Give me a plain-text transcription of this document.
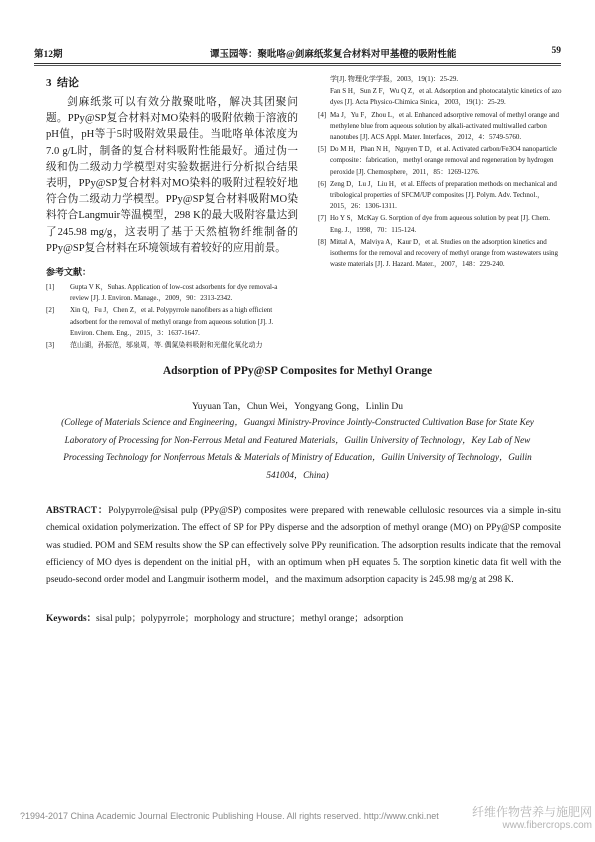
第12期	谭玉园等：聚吡咯@剑麻纸浆复合材料对甲基橙的吸附性能	59
3 结论

剑麻纸浆可以有效分散聚吡咯，解决其团聚问题。PPy@SP复合材料对MO染料的吸附依赖于溶液的pH值，pH等于5时吸附效果最佳。当吡咯单体浓度为7.0 g/L时，制备的复合材料吸附性能最好。通过伪一级和伪二级动力学模型对实验数据进行分析拟合结果表明，PPy@SP复合材料对MO染料的吸附过程较好地符合伪二级动力学模型。PPy@SP复合材料吸附MO染料符合Langmuir等温模型，298 K的最大吸附容量达到了245.98 mg/g，这表明了基于天然植物纤维制备的PPy@SP复合材料在环境领域有着较好的应用前景。

参考文献：

[1] Gupta V K，Suhas. Application of low-cost adsorbents for dye removal-a review [J]. J. Environ. Manage.，2009，90：2313-2342.

[2] Xin Q，Fu J，Chen Z，et al. Polypyrrole nanofibers as a high efficient adsorbent for the removal of methyl orange from aqueous solution [J]. J. Environ. Chem. Eng.，2015，3：1637-1647.

[3] 范山湖，孙振范，邬泉周，等. 偶氮染料吸附和光催化氧化动力

学[J]. 物理化学学报，2003，19(1)：25-29.

Fan S H，Sun Z F，Wu Q Z，et al. Adsorption and photocatalytic kinetics of azo dyes [J]. Acta Physico-Chimica Sinica，2003，19(1)：25-29.

[4] Ma J，Yu F，Zhou L，et al. Enhanced adsorptive removal of methyl orange and methylene blue from aqueous solution by alkali-activated multiwalled carbon nanotubes [J]. ACS Appl. Mater. Interfaces，2012，4：5749-5760.

[5] Do M H，Phan N H，Nguyen T D，et al. Activated carbon/Fe3O4 nanoparticle composite：fabrication，methyl orange removal and regeneration by hydrogen peroxide [J]. Chemosphere，2011，85：1269-1276.

[6] Zeng D，Lu J，Liu H，et al. Effects of preparation methods on mechanical and tribological properties of SFCM/UP composites [J]. Polym. Adv. Technol.，2015，26：1306-1311.

[7] Ho Y S，McKay G. Sorption of dye from aqueous solution by peat [J]. Chem. Eng. J.，1998，70：115-124.

[8] Mittal A，Malviya A，Kaur D，et al. Studies on the adsorption kinetics and isotherms for the removal and recovery of methyl orange from wastewaters using waste materials [J]. J. Hazard. Mater.，2007，148：229-240.

Adsorption of PPy@SP Composites for Methyl Orange
Yuyuan Tan，Chun Wei，Yongyang Gong，Linlin Du
(College of Materials Science and Engineering，Guangxi Ministry-Province Jointly-Constructed Cultivation Base for State Key Laboratory of Processing for Non-Ferrous Metal and Featured Materials，Guilin University of Technology，Key Lab of New Processing Technology for Nonferrous Metals & Materials of Ministry of Education，Guilin University of Technology，Guilin 541004，China)

ABSTRACT：Polypyrrole@sisal pulp (PPy@SP) composites were prepared with renewable cellulosic resources via a simple in-situ chemical oxidation polymerization. The effect of SP for PPy disperse and the adsorption of methyl orange (MO) on PPy@SP composite was studied. POM and SEM results show the SP can effectively solve PPy reunification. The adsorption results indicate that the removal efficiency of MO dyes is dependent on the initial pH，with an optimum when pH equates 5. The sorption kinetic data fit well with the pseudo-second order model and Langmuir isotherm model，and the maximum adsorption capacity is 245.98 mg/g at 298 K.

Keywords：sisal pulp；polypyrrole；morphology and structure；methyl orange；adsorption

?1994-2017 China Academic Journal Electronic Publishing House. All rights reserved. http://www.cnki.net	纤维作物营养与施肥网
www.fibercrops.com
